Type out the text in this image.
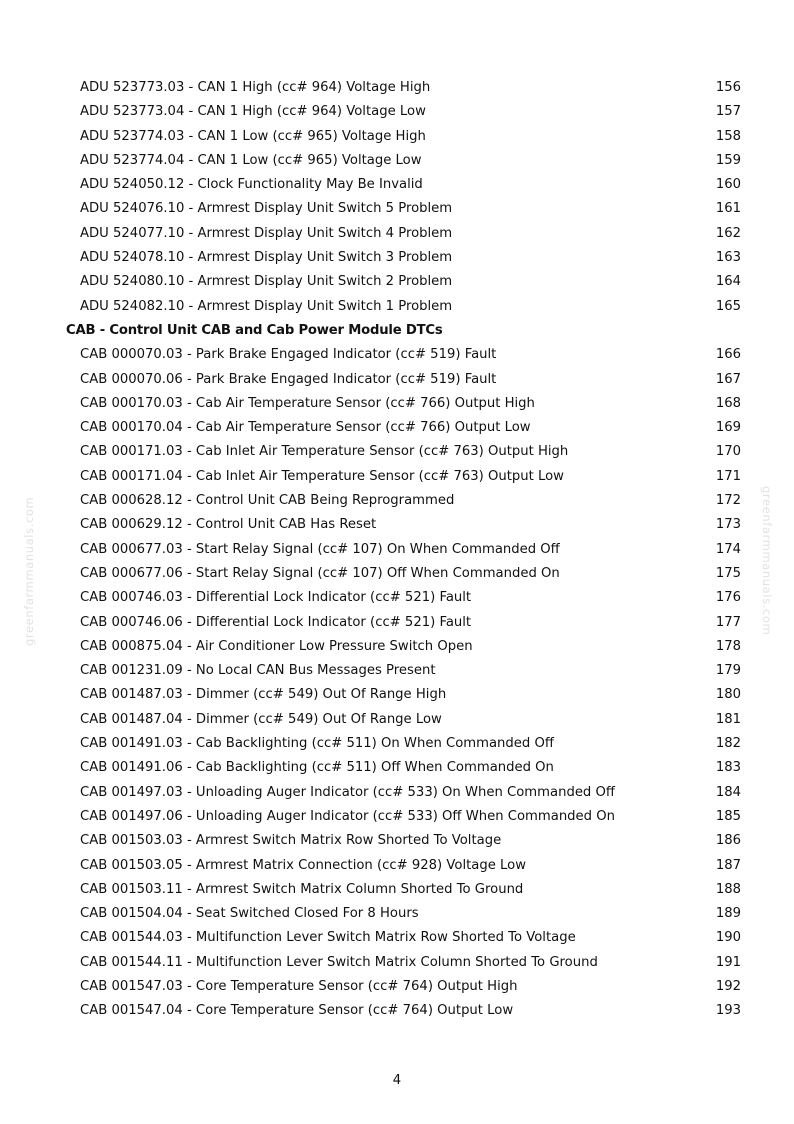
greenfarmmanuals.com	greenfarmmanuals.com
ADU 523773.03 - CAN 1 High (cc# 964) Voltage High	156
ADU 523773.04 - CAN 1 High (cc# 964) Voltage Low	157
ADU 523774.03 - CAN 1 Low (cc# 965) Voltage High	158
ADU 523774.04 - CAN 1 Low (cc# 965) Voltage Low	159
ADU 524050.12 - Clock Functionality May Be Invalid	160
ADU 524076.10 - Armrest Display Unit Switch 5 Problem	161
ADU 524077.10 - Armrest Display Unit Switch 4 Problem	162
ADU 524078.10 - Armrest Display Unit Switch 3 Problem	163
ADU 524080.10 - Armrest Display Unit Switch 2 Problem	164
ADU 524082.10 - Armrest Display Unit Switch 1 Problem	165
CAB - Control Unit CAB and Cab Power Module DTCs
CAB 000070.03 - Park Brake Engaged Indicator (cc# 519) Fault	166
CAB 000070.06 - Park Brake Engaged Indicator (cc# 519) Fault	167
CAB 000170.03 - Cab Air Temperature Sensor (cc# 766) Output High	168
CAB 000170.04 - Cab Air Temperature Sensor (cc# 766) Output Low	169
CAB 000171.03 - Cab Inlet Air Temperature Sensor (cc# 763) Output High	170
CAB 000171.04 - Cab Inlet Air Temperature Sensor (cc# 763) Output Low	171
CAB 000628.12 - Control Unit CAB Being Reprogrammed	172
CAB 000629.12 - Control Unit CAB Has Reset	173
CAB 000677.03 - Start Relay Signal (cc# 107) On When Commanded Off	174
CAB 000677.06 - Start Relay Signal (cc# 107) Off When Commanded On	175
CAB 000746.03 - Differential Lock Indicator (cc# 521) Fault	176
CAB 000746.06 - Differential Lock Indicator (cc# 521) Fault	177
CAB 000875.04 - Air Conditioner Low Pressure Switch Open	178
CAB 001231.09 - No Local CAN Bus Messages Present	179
CAB 001487.03 - Dimmer (cc# 549) Out Of Range High	180
CAB 001487.04 - Dimmer (cc# 549) Out Of Range Low	181
CAB 001491.03 - Cab Backlighting (cc# 511) On When Commanded Off	182
CAB 001491.06 - Cab Backlighting (cc# 511) Off When Commanded On	183
CAB 001497.03 - Unloading Auger Indicator (cc# 533) On When Commanded Off	184
CAB 001497.06 - Unloading Auger Indicator (cc# 533) Off When Commanded On	185
CAB 001503.03 - Armrest Switch Matrix Row Shorted To Voltage	186
CAB 001503.05 - Armrest Matrix Connection (cc# 928) Voltage Low	187
CAB 001503.11 - Armrest Switch Matrix Column Shorted To Ground	188
CAB 001504.04 - Seat Switched Closed For 8 Hours	189
CAB 001544.03 - Multifunction Lever Switch Matrix Row Shorted To Voltage	190
CAB 001544.11 - Multifunction Lever Switch Matrix Column Shorted To Ground	191
CAB 001547.03 - Core Temperature Sensor (cc# 764) Output High	192
CAB 001547.04 - Core Temperature Sensor (cc# 764) Output Low	193
4
